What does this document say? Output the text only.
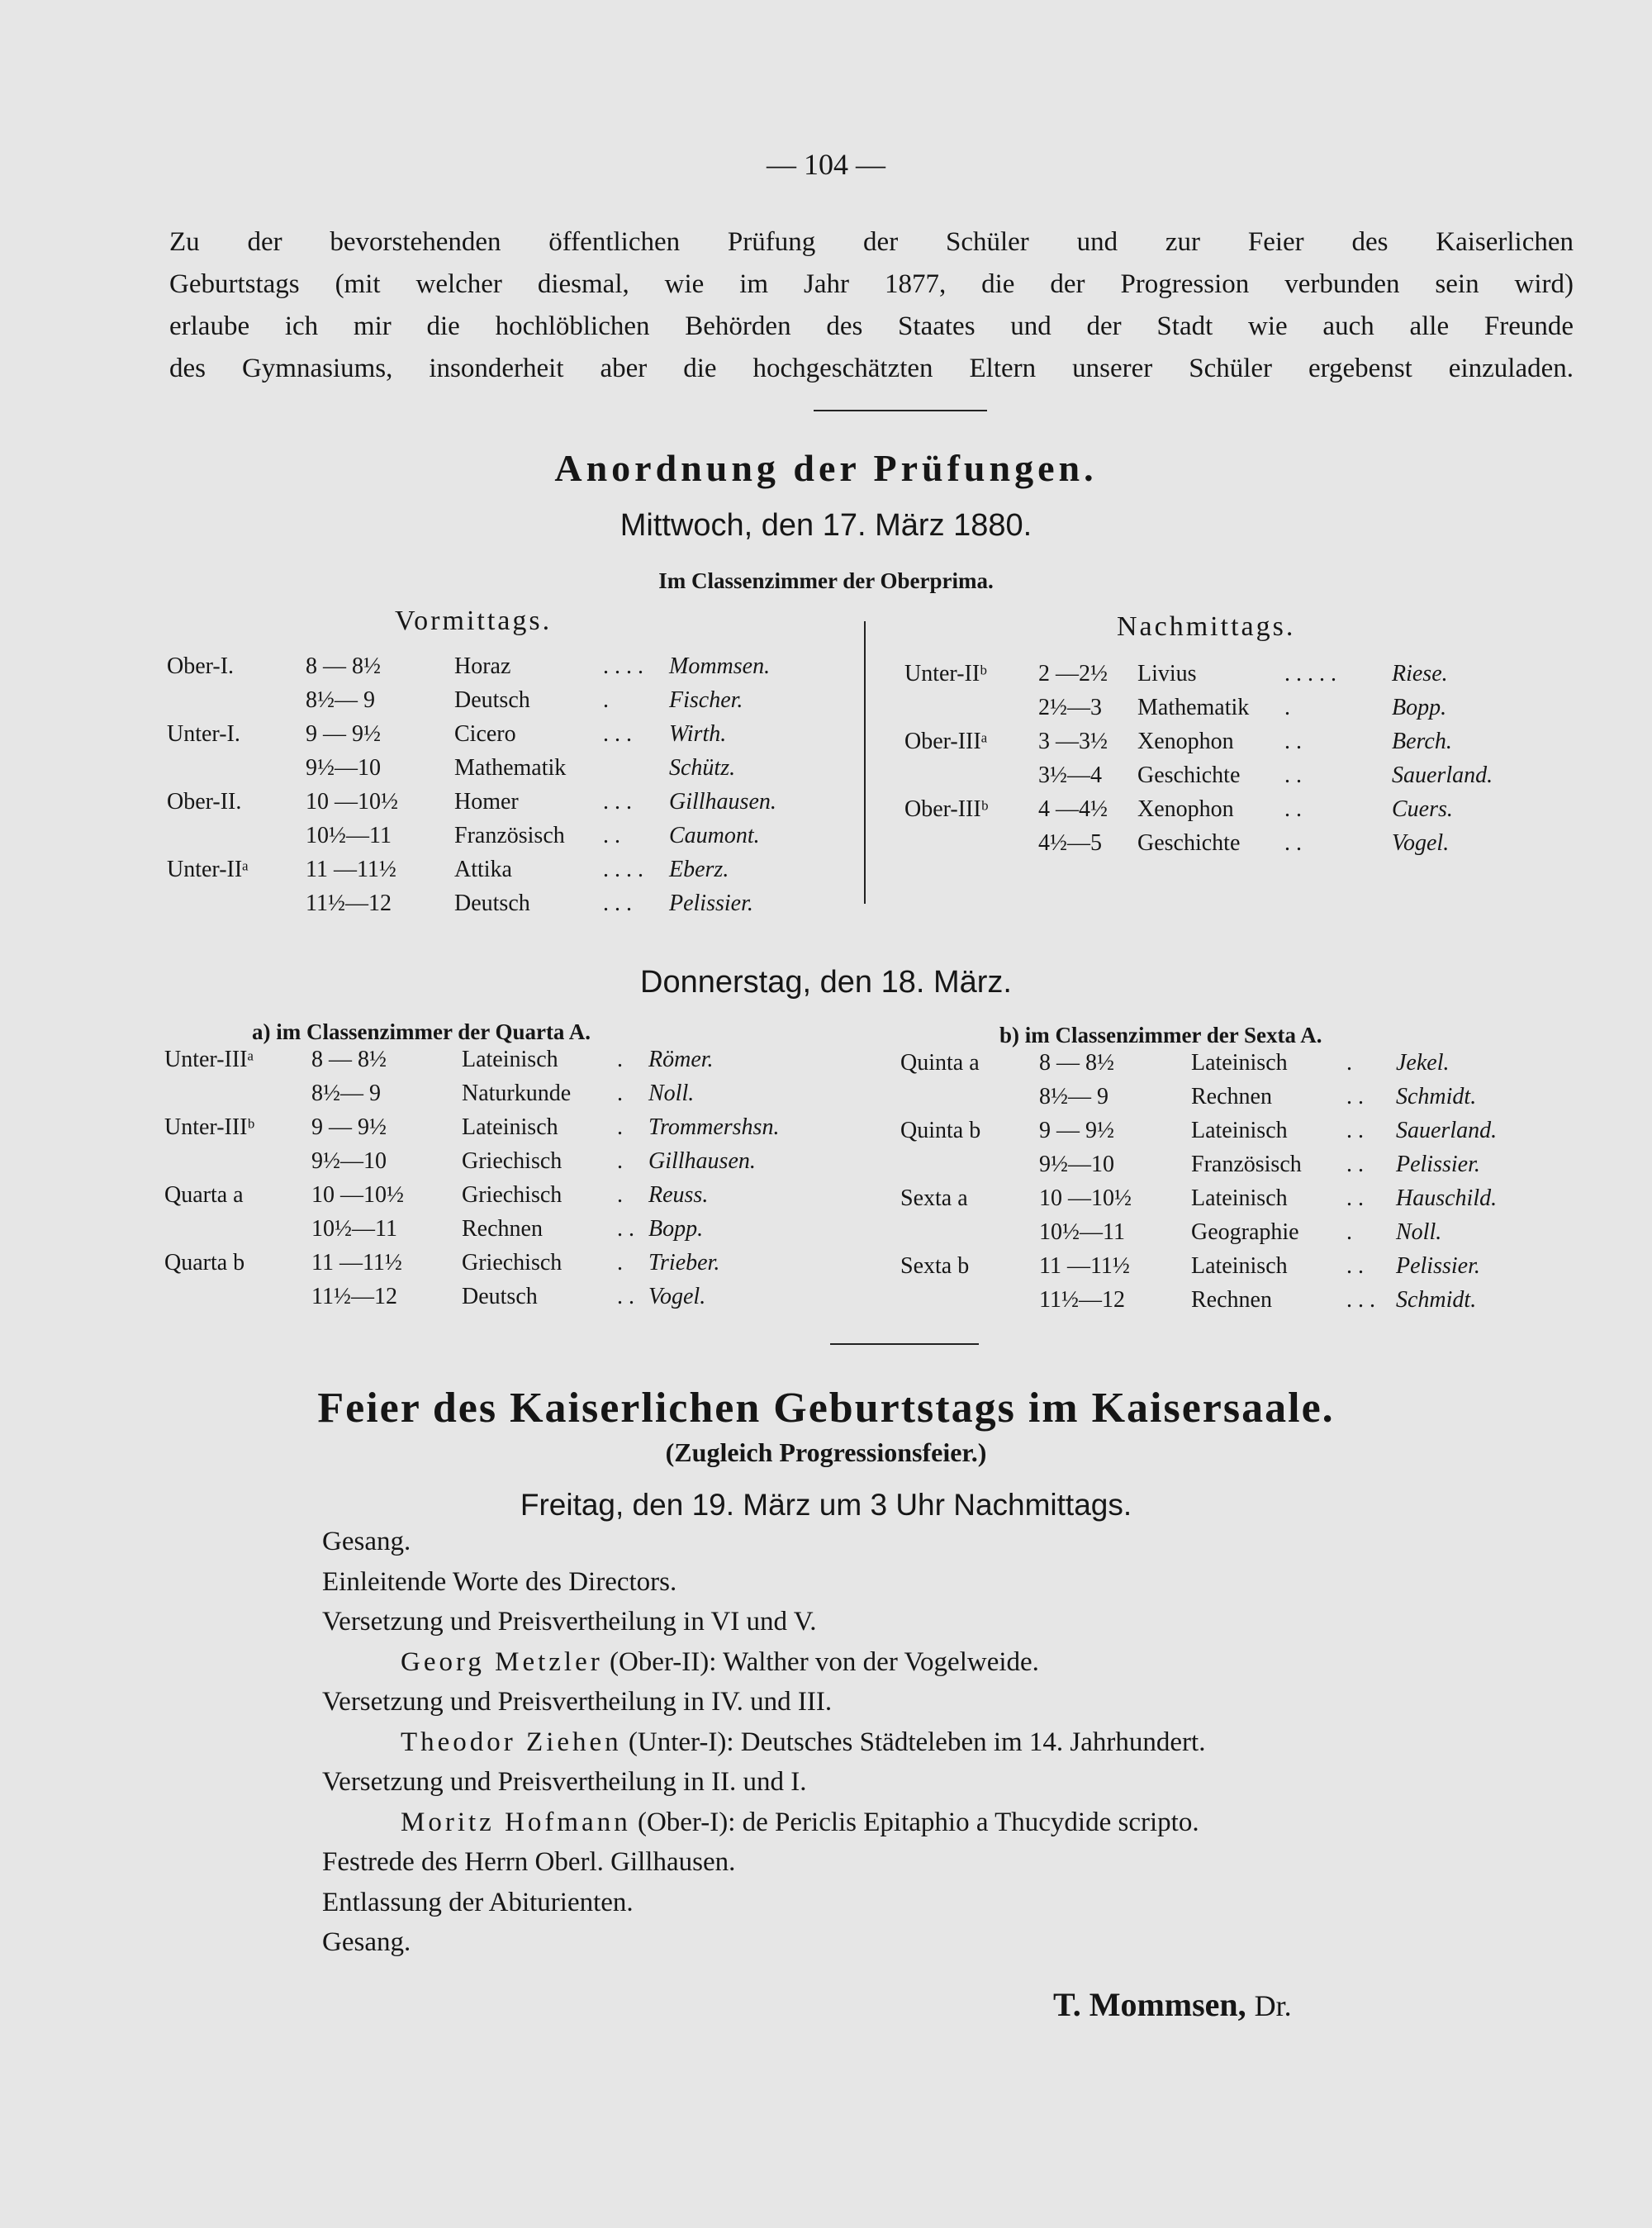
— 104 —
Zu der bevorstehenden öffentlichen Prüfung der Schüler und zur Feier des Kaiserlichen
Geburtstags (mit welcher diesmal, wie im Jahr 1877, die der Progression verbunden sein wird)
erlaube ich mir die hochlöblichen Behörden des Staates und der Stadt wie auch alle Freunde
des Gymnasiums, insonderheit aber die hochgeschätzten Eltern unserer Schüler ergebenst einzuladen.
Anordnung der Prüfungen.
Mittwoch, den 17. März 1880.
Im Classenzimmer der Oberprima.
Vormittags.	Nachmittags.
Ober-I.	8 — 8½	Horaz	. . . .	Mommsen.
	8½— 9	Deutsch	.	Fischer.
Unter-I.	9 — 9½	Cicero	. . .	Wirth.
	9½—10	Mathematik		Schütz.
Ober-II.	10 —10½	Homer	. . .	Gillhausen.
	10½—11	Französisch	. .	Caumont.
Unter-IIᵃ	11 —11½	Attika	. . . .	Eberz.
	11½—12	Deutsch	. . .	Pelissier.
Unter-IIᵇ	2 —2½	Livius	. . . . .	Riese.
	2½—3	Mathematik	.	Bopp.
Ober-IIIᵃ	3 —3½	Xenophon	. .	Berch.
	3½—4	Geschichte	. .	Sauerland.
Ober-IIIᵇ	4 —4½	Xenophon	. .	Cuers.
	4½—5	Geschichte	. .	Vogel.
Donnerstag, den 18. März.
a) im Classenzimmer der Quarta A.	b) im Classenzimmer der Sexta A.
Unter-IIIᵃ	8 — 8½	Lateinisch	.	Römer.
	8½— 9	Naturkunde	.	Noll.
Unter-IIIᵇ	9 — 9½	Lateinisch	.	Trommershsn.
	9½—10	Griechisch	.	Gillhausen.
Quarta a	10 —10½	Griechisch	.	Reuss.
	10½—11	Rechnen	. .	Bopp.
Quarta b	11 —11½	Griechisch	.	Trieber.
	11½—12	Deutsch	. .	Vogel.
Quinta a	8 — 8½	Lateinisch	.	Jekel.
	8½— 9	Rechnen	. .	Schmidt.
Quinta b	9 — 9½	Lateinisch	. .	Sauerland.
	9½—10	Französisch	. .	Pelissier.
Sexta a	10 —10½	Lateinisch	. .	Hauschild.
	10½—11	Geographie	.	Noll.
Sexta b	11 —11½	Lateinisch	. .	Pelissier.
	11½—12	Rechnen	. . .	Schmidt.
Feier des Kaiserlichen Geburtstags im Kaisersaale.
(Zugleich Progressionsfeier.)
Freitag, den 19. März um 3 Uhr Nachmittags.
Gesang.
Einleitende Worte des Directors.
Versetzung und Preisvertheilung in VI und V.
Georg Metzler (Ober-II): Walther von der Vogelweide.
Versetzung und Preisvertheilung in IV. und III.
Theodor Ziehen (Unter-I): Deutsches Städteleben im 14. Jahrhundert.
Versetzung und Preisvertheilung in II. und I.
Moritz Hofmann (Ober-I): de Periclis Epitaphio a Thucydide scripto.
Festrede des Herrn Oberl. Gillhausen.
Entlassung der Abiturienten.
Gesang.
T. Mommsen, Dr.
